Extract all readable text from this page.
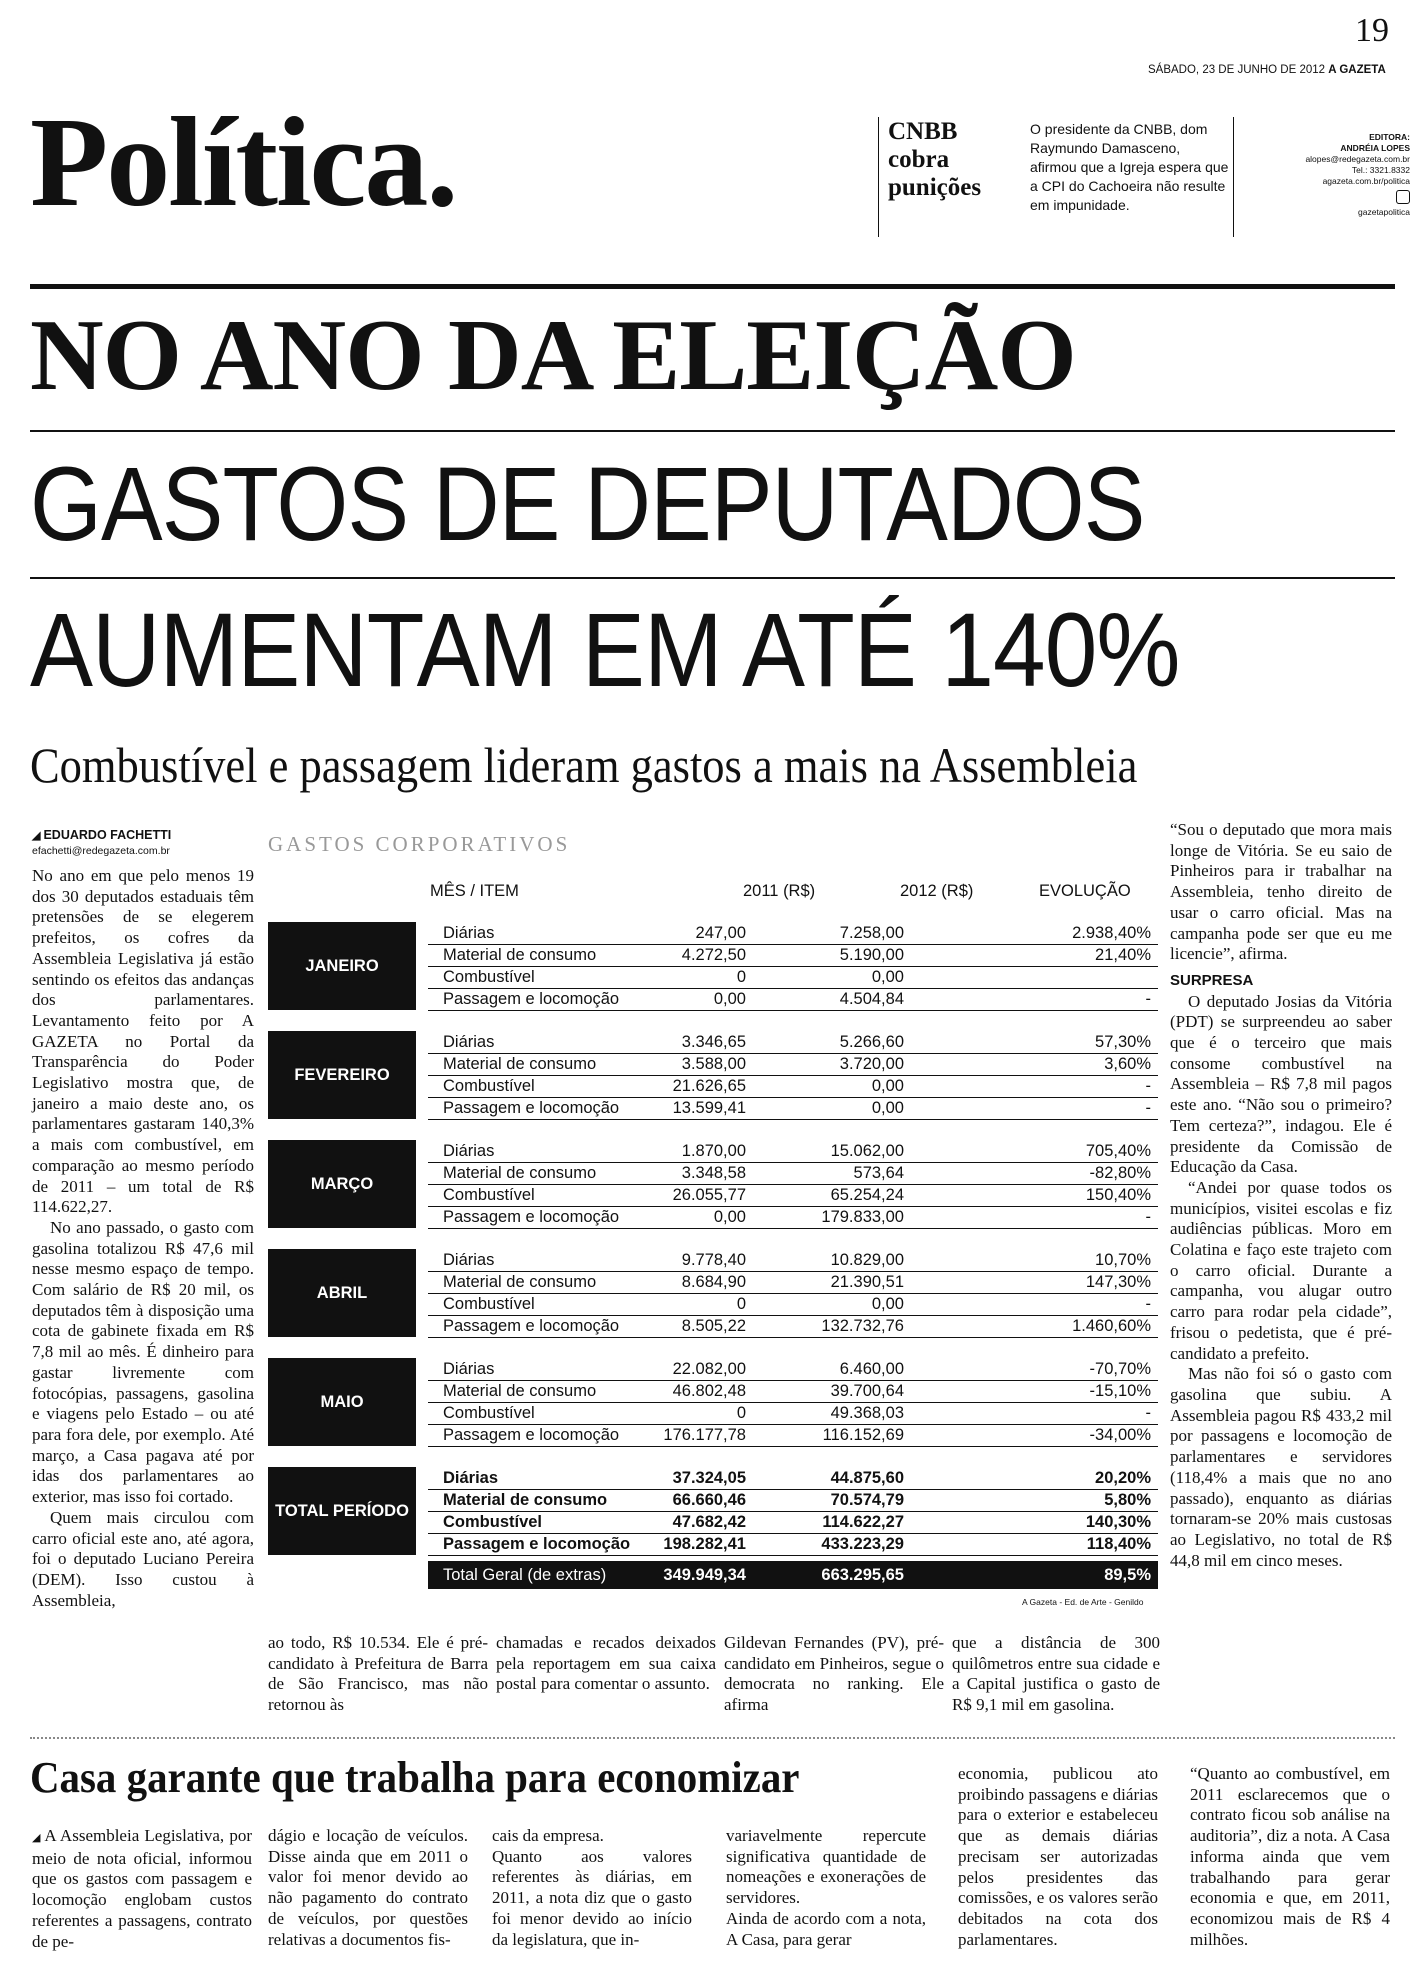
19
SÁBADO, 23 DE JUNHO DE 2012 A GAZETA
Política.	CNBB cobra punições
O presidente da CNBB, dom Raymundo Damasceno, afirmou que a Igreja espera que a CPI do Cachoeira não resulte em impunidade.
EDITORA:
ANDRÉIA LOPES
alopes@redegazeta.com.br
Tel.: 3321.8332
agazeta.com.br/politica
gazetapolitica
NO ANO DA ELEIÇÃO
GASTOS DE DEPUTADOS
AUMENTAM EM ATÉ 140%
Combustível e passagem lideram gastos a mais na Assembleia
◢ EDUARDO FACHETTI
efachetti@redegazeta.com.br

No ano em que pelo menos 19 dos 30 deputados estaduais têm pretensões de se elegerem prefeitos, os cofres da Assembleia Legislativa já estão sentindo os efeitos das andanças dos parlamentares. Levantamento feito por A GAZETA no Portal da Transparência do Poder Legislativo mostra que, de janeiro a maio deste ano, os parlamentares gastaram 140,3% a mais com combustível, em comparação ao mesmo período de 2011 – um total de R$ 114.622,27.

No ano passado, o gasto com gasolina totalizou R$ 47,6 mil nesse mesmo espaço de tempo. Com salário de R$ 20 mil, os deputados têm à disposição uma cota de gabinete fixada em R$ 7,8 mil ao mês. É dinheiro para gastar livremente com fotocópias, passagens, gasolina e viagens pelo Estado – ou até para fora dele, por exemplo. Até março, a Casa pagava até por idas dos parlamentares ao exterior, mas isso foi cortado.

Quem mais circulou com carro oficial este ano, até agora, foi o deputado Luciano Pereira (DEM). Isso custou à Assembleia,

GASTOS CORPORATIVOS
MÊS / ITEM	2011 (R$)	2012 (R$)	EVOLUÇÃO
JANEIRO
Diárias	247,00	7.258,00	2.938,40%
Material de consumo	4.272,50	5.190,00	21,40%
Combustível	0	0,00
Passagem e locomoção	0,00	4.504,84	-
FEVEREIRO
Diárias	3.346,65	5.266,60	57,30%
Material de consumo	3.588,00	3.720,00	3,60%
Combustível	21.626,65	0,00	-
Passagem e locomoção	13.599,41	0,00	-
MARÇO
Diárias	1.870,00	15.062,00	705,40%
Material de consumo	3.348,58	573,64	-82,80%
Combustível	26.055,77	65.254,24	150,40%
Passagem e locomoção	0,00	179.833,00	-
ABRIL
Diárias	9.778,40	10.829,00	10,70%
Material de consumo	8.684,90	21.390,51	147,30%
Combustível	0	0,00	-
Passagem e locomoção	8.505,22	132.732,76	1.460,60%
MAIO
Diárias	22.082,00	6.460,00	-70,70%
Material de consumo	46.802,48	39.700,64	-15,10%
Combustível	0	49.368,03	-
Passagem e locomoção	176.177,78	116.152,69	-34,00%
TOTAL PERÍODO
Diárias	37.324,05	44.875,60	20,20%
Material de consumo	66.660,46	70.574,79	5,80%
Combustível	47.682,42	114.622,27	140,30%
Passagem e locomoção 198.282,41	433.223,29	118,40%
Total Geral (de extras)	349.949,34	663.295,65	89,5%
A Gazeta - Ed. de Arte - Genildo
ao todo, R$ 10.534. Ele é pré-candidato à Prefeitura de Barra de São Francisco, mas não retornou às
chamadas e recados deixados pela reportagem em sua caixa postal para comentar o assunto.
Gildevan Fernandes (PV), pré-candidato em Pinheiros, segue o democrata no ranking. Ele afirma
que a distância de 300 quilômetros entre sua cidade e a Capital justifica o gasto de R$ 9,1 mil em gasolina.

“Sou o deputado que mora mais longe de Vitória. Se eu saio de Pinheiros para ir trabalhar na Assembleia, tenho direito de usar o carro oficial. Mas na campanha pode ser que eu me licencie”, afirma.

SURPRESA

O deputado Josias da Vitória (PDT) se surpreendeu ao saber que é o terceiro que mais consome combustível na Assembleia – R$ 7,8 mil pagos este ano. “Não sou o primeiro? Tem certeza?”, indagou. Ele é presidente da Comissão de Educação da Casa.

“Andei por quase todos os municípios, visitei escolas e fiz audiências públicas. Moro em Colatina e faço este trajeto com o carro oficial. Durante a campanha, vou alugar outro carro para rodar pela cidade”, frisou o pedetista, que é pré-candidato a prefeito.

Mas não foi só o gasto com gasolina que subiu. A Assembleia pagou R$ 433,2 mil por passagens e locomoção de parlamentares e servidores (118,4% a mais que no ano passado), enquanto as diárias tornaram-se 20% mais custosas ao Legislativo, no total de R$ 44,8 mil em cinco meses.

Casa garante que trabalha para economizar
◢ A Assembleia Legislativa, por meio de nota oficial, informou que os gastos com passagem e locomoção englobam custos referentes a passagens, contrato de pe-
dágio e locação de veículos. Disse ainda que em 2011 o valor foi menor devido ao não pagamento do contrato de veículos, por questões relativas a documentos fis-
cais da empresa.
Quanto aos valores referentes às diárias, em 2011, a nota diz que o gasto foi menor devido ao início da legislatura, que in-
variavelmente repercute significativa quantidade de nomeações e exonerações de servidores.
Ainda de acordo com a nota, A Casa, para gerar
economia, publicou ato proibindo passagens e diárias para o exterior e estabeleceu que as demais diárias precisam ser autorizadas pelos presidentes das comissões, e os valores serão debitados na cota dos parlamentares.
“Quanto ao combustível, em 2011 esclarecemos que o contrato ficou sob análise na auditoria”, diz a nota. A Casa informa ainda que vem trabalhando para gerar economia e que, em 2011, economizou mais de R$ 4 milhões.
